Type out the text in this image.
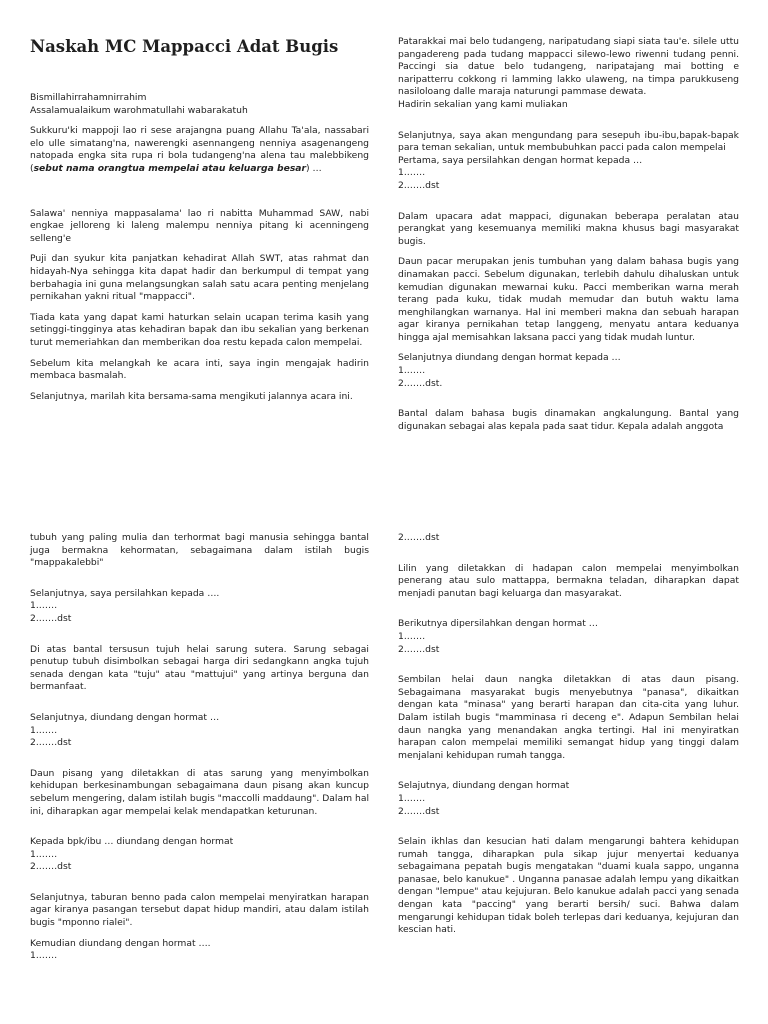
Naskah MC Mappacci Adat Bugis

Bismillahirrahamnirrahim

Assalamualaikum warohmatullahi wabarakatuh

Sukkuru'ki mappoji lao ri sese arajangna puang Allahu Ta'ala, nassabari elo ulle simatang'na, nawerengki asennangeng nenniya asagenangeng natopada engka sita rupa ri bola tudangeng'na alena tau malebbikeng (sebut nama orangtua mempelai atau keluarga besar) …

Salawa' nenniya mappasalama' lao ri nabitta Muhammad SAW, nabi engkae jelloreng ki laleng malempu nenniya pitang ki acenningeng selleng'e

Puji dan syukur kita panjatkan kehadirat Allah SWT, atas rahmat dan hidayah-Nya sehingga kita dapat hadir dan berkumpul di tempat yang berbahagia ini guna melangsungkan salah satu acara penting menjelang pernikahan yakni ritual "mappacci".

Tiada kata yang dapat kami haturkan selain ucapan terima kasih yang setinggi-tingginya atas kehadiran bapak dan ibu sekalian yang berkenan turut memeriahkan dan memberikan doa restu kepada calon mempelai.

Sebelum kita melangkah ke acara inti, saya ingin mengajak hadirin membaca basmalah.

Selanjutnya, marilah kita bersama-sama mengikuti jalannya acara ini.

Patarakkai mai belo tudangeng, naripatudang siapi siata tau'e. silele uttu pangadereng pada tudang mappacci silewo-lewo riwenni tudang penni. Paccingi sia datue belo tudangeng, naripatajang mai botting e naripatterru cokkong ri lamming lakko ulaweng, na timpa parukkuseng nasiloloang dalle maraja naturungi pammase dewata.

Hadirin sekalian yang kami muliakan

Selanjutnya, saya akan mengundang para sesepuh ibu-ibu,bapak-bapak para teman sekalian, untuk membubuhkan pacci pada calon mempelai

Pertama, saya persilahkan dengan hormat kepada …
1.……
2.……dst

Dalam upacara adat mappaci, digunakan beberapa peralatan atau perangkat yang kesemuanya memiliki makna khusus bagi masyarakat bugis.

Daun pacar merupakan jenis tumbuhan yang dalam bahasa bugis yang dinamakan pacci. Sebelum digunakan, terlebih dahulu dihaluskan untuk kemudian digunakan mewarnai kuku. Pacci memberikan warna merah terang pada kuku, tidak mudah memudar dan butuh waktu lama menghilangkan warnanya. Hal ini memberi makna dan sebuah harapan agar kiranya pernikahan tetap langgeng, menyatu antara keduanya hingga ajal memisahkan laksana pacci yang tidak mudah luntur.

Selanjutnya diundang dengan hormat kepada …
1.……
2.……dst.

Bantal dalam bahasa bugis dinamakan angkalungung. Bantal yang digunakan sebagai alas kepala pada saat tidur. Kepala adalah anggota

tubuh yang paling mulia dan terhormat bagi manusia sehingga bantal juga bermakna kehormatan, sebagaimana dalam istilah bugis "mappakalebbi"

Selanjutnya, saya persilahkan kepada ….
1.……
2.……dst

Di atas bantal tersusun tujuh helai sarung sutera. Sarung sebagai penutup tubuh disimbolkan sebagai harga diri sedangkann angka tujuh senada dengan kata "tuju" atau "mattujui" yang artinya berguna dan bermanfaat.

Selanjutnya, diundang dengan hormat …
1.……
2.……dst

Daun pisang yang diletakkan di atas sarung yang menyimbolkan kehidupan berkesinambungan sebagaimana daun pisang akan kuncup sebelum mengering, dalam istilah bugis "maccolli maddaung". Dalam hal ini, diharapkan agar mempelai kelak mendapatkan keturunan.

Kepada bpk/ibu … diundang dengan hormat
1.……
2.……dst

Selanjutnya, taburan benno pada calon mempelai menyiratkan harapan agar kiranya pasangan tersebut dapat hidup mandiri, atau dalam istilah bugis "mponno rialei".

Kemudian diundang dengan hormat ….
1.……

2.……dst

Lilin yang diletakkan di hadapan calon mempelai menyimbolkan penerang atau sulo mattappa, bermakna teladan, diharapkan dapat menjadi panutan bagi keluarga dan masyarakat.

Berikutnya dipersilahkan dengan hormat …
1.……
2.……dst

Sembilan helai daun nangka diletakkan di atas daun pisang. Sebagaimana masyarakat bugis menyebutnya "panasa", dikaitkan dengan kata "minasa" yang berarti harapan dan cita-cita yang luhur. Dalam istilah bugis "mamminasa ri deceng e". Adapun Sembilan helai daun nangka yang menandakan angka tertingi. Hal ini menyiratkan harapan calon mempelai memiliki semangat hidup yang tinggi dalam menjalani kehidupan rumah tangga.

Selajutnya, diundang dengan hormat
1.……
2.……dst

Selain ikhlas dan kesucian hati dalam mengarungi bahtera kehidupan rumah tangga, diharapkan pula sikap jujur menyertai keduanya sebagaimana pepatah bugis mengatakan "duami kuala sappo, unganna panasae, belo kanukue" . Unganna panasae adalah lempu yang dikaitkan dengan "lempue" atau kejujuran. Belo kanukue adalah pacci yang senada dengan kata "paccing" yang berarti bersih/ suci. Bahwa dalam mengarungi kehidupan tidak boleh terlepas dari keduanya, kejujuran dan kescian hati.
